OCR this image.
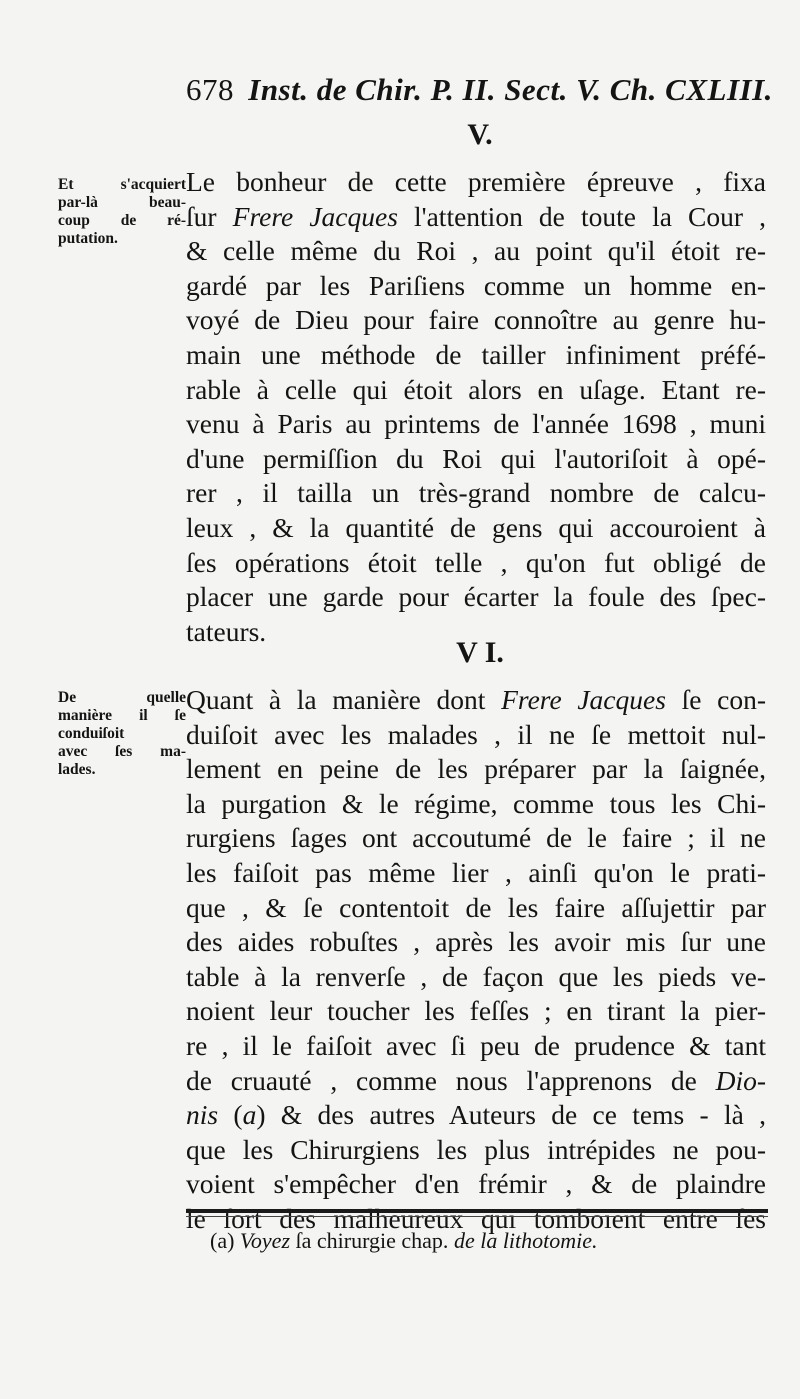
678 Inst. de Chir. P. II. Sect. V. Ch. CXLIII.
V.
Et s'acquiert
par-là beau-
coup de ré-
putation.
Le bonheur de cette première épreuve , fixa
ſur Frere Jacques l'attention de toute la Cour ,
& celle même du Roi , au point qu'il étoit re-
gardé par les Pariſiens comme un homme en-
voyé de Dieu pour faire connoître au genre hu-
main une méthode de tailler infiniment préfé-
rable à celle qui étoit alors en uſage. Etant re-
venu à Paris au printems de l'année 1698 , muni
d'une permiſſion du Roi qui l'autoriſoit à opé-
rer , il tailla un très-grand nombre de calcu-
leux , & la quantité de gens qui accouroient à
ſes opérations étoit telle , qu'on fut obligé de
placer une garde pour écarter la foule des ſpec-
tateurs.
V I.
De quelle
manière il ſe
conduiſoit
avec ſes ma-
lades.
Quant à la manière dont Frere Jacques ſe con-
duiſoit avec les malades , il ne ſe mettoit nul-
lement en peine de les préparer par la ſaignée,
la purgation & le régime, comme tous les Chi-
rurgiens ſages ont accoutumé de le faire ; il ne
les faiſoit pas même lier , ainſi qu'on le prati-
que , & ſe contentoit de les faire aſſujettir par
des aides robuſtes , après les avoir mis ſur une
table à la renverſe , de façon que les pieds ve-
noient leur toucher les feſſes ; en tirant la pier-
re , il le faiſoit avec ſi peu de prudence & tant
de cruauté , comme nous l'apprenons de Dio-
nis (a) & des autres Auteurs de ce tems - là ,
que les Chirurgiens les plus intrépides ne pou-
voient s'empêcher d'en frémir , & de plaindre
le ſort des malheureux qui tomboient entre ſes
(a) Voyez ſa chirurgie chap. de la lithotomie.
